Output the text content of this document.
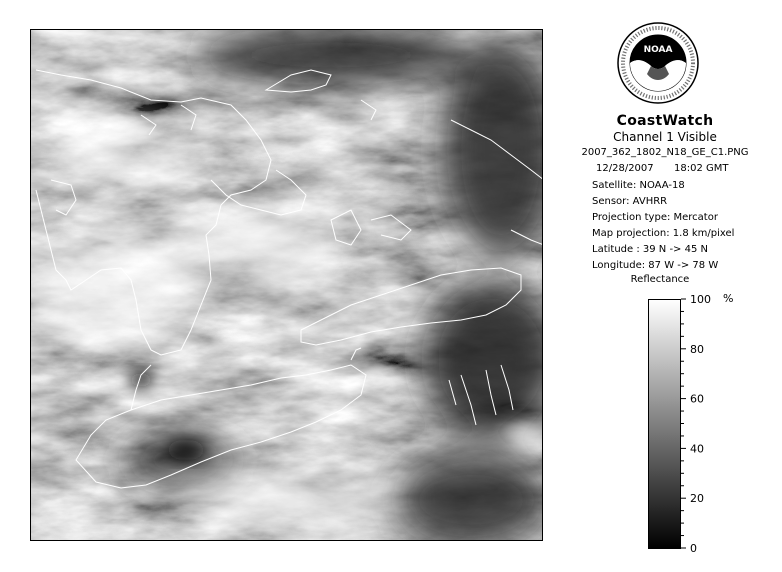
NOAA
CoastWatch
Channel 1 Visible
2007_362_1802_N18_GE_C1.PNG
12/28/2007 18:02 GMT
Satellite: NOAA-18
Sensor: AVHRR
Projection type: Mercator
Map projection: 1.8 km/pixel
Latitude : 39 N -> 45 N
Longitude: 87 W -> 78 W
Reflectance
100
80
60
40
20
0
%
